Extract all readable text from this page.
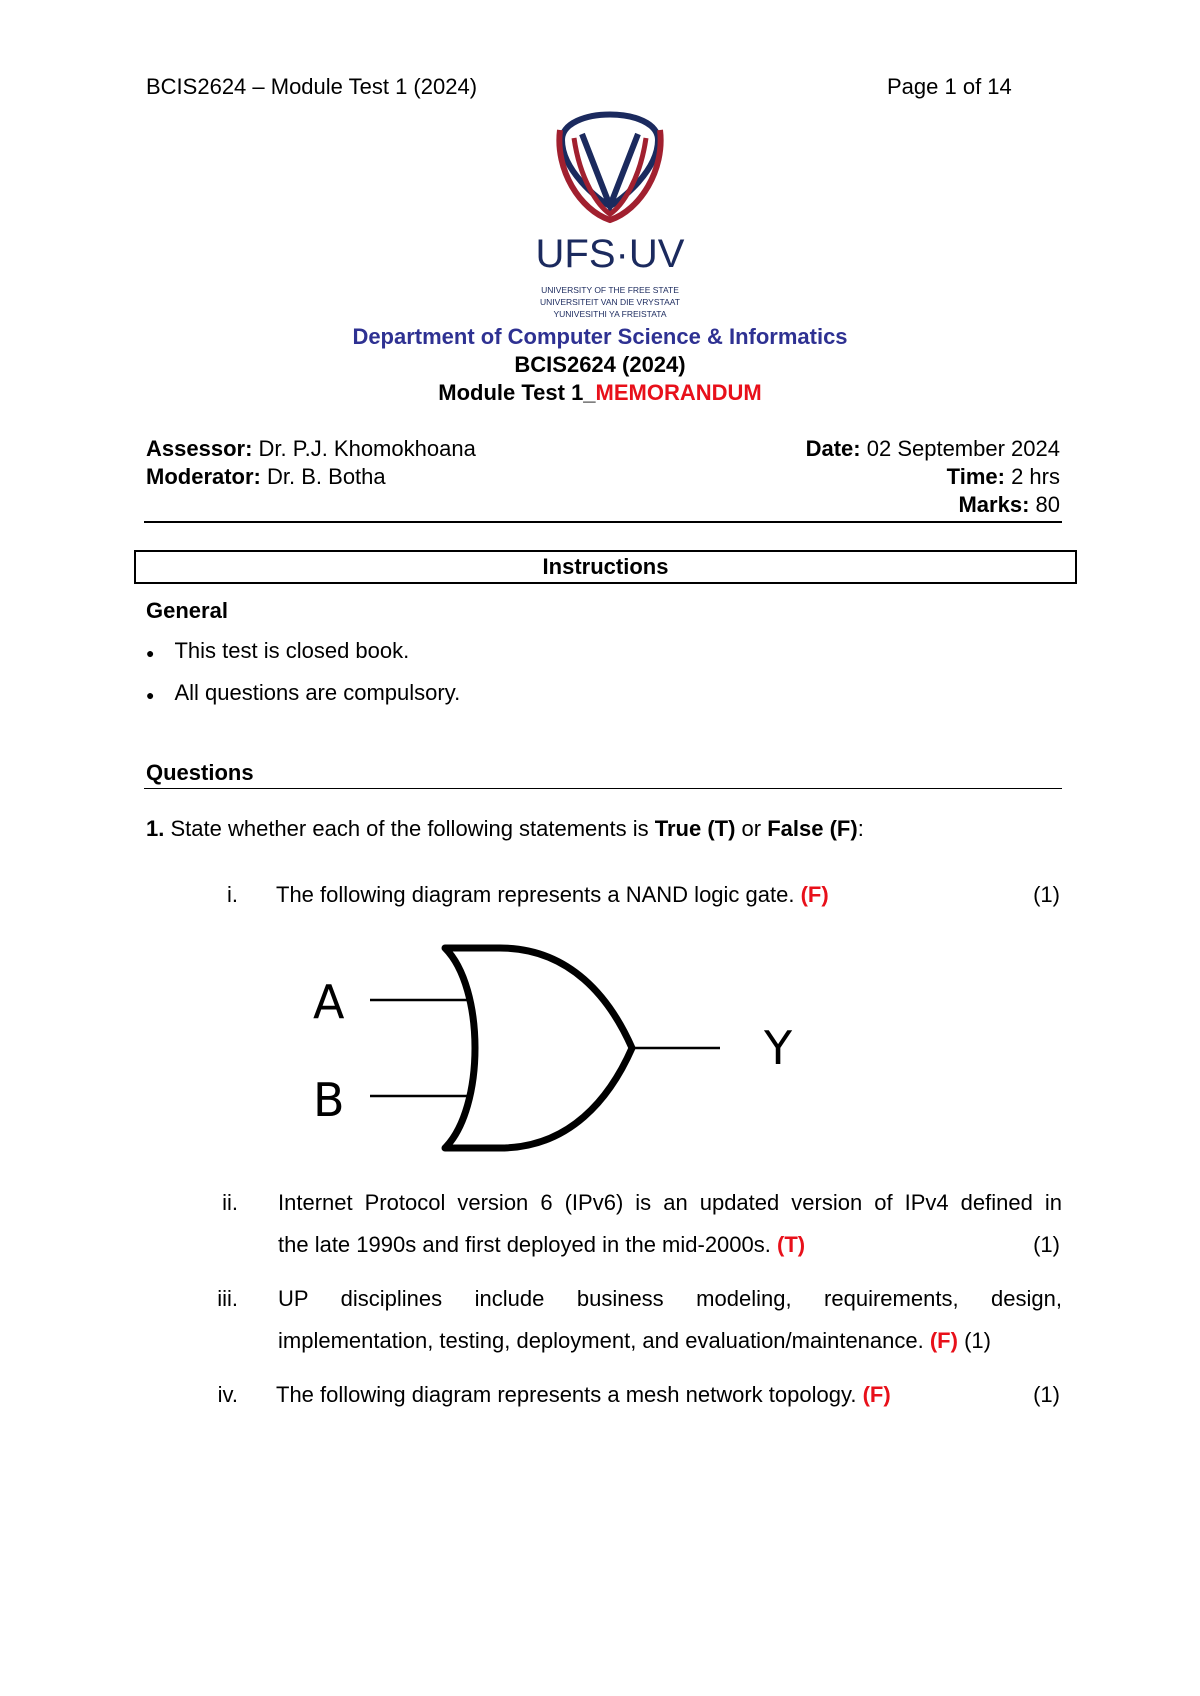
BCIS2624 – Module Test 1 (2024)	Page 1 of 14
UFS·UV
UNIVERSITY OF THE FREE STATE
UNIVERSITEIT VAN DIE VRYSTAAT
YUNIVESITHI YA FREISTATA
Department of Computer Science & Informatics
BCIS2624 (2024)
Module Test 1_MEMORANDUM
Assessor: Dr. P.J. Khomokhoana
Moderator: Dr. B. Botha
Date: 02 September 2024
Time: 2 hrs
Marks: 80
Instructions
General
● This test is closed book.
● All questions are compulsory.
Questions
1. State whether each of the following statements is True (T) or False (F):
i. The following diagram represents a NAND logic gate. (F)	(1)
A
B
Y
ii. Internet Protocol version 6 (IPv6) is an updated version of IPv4 defined in
the late 1990s and first deployed in the mid-2000s. (T)	(1)
iii. UP disciplines include business modeling, requirements, design,
implementation, testing, deployment, and evaluation/maintenance. (F) (1)
iv. The following diagram represents a mesh network topology. (F)	(1)
